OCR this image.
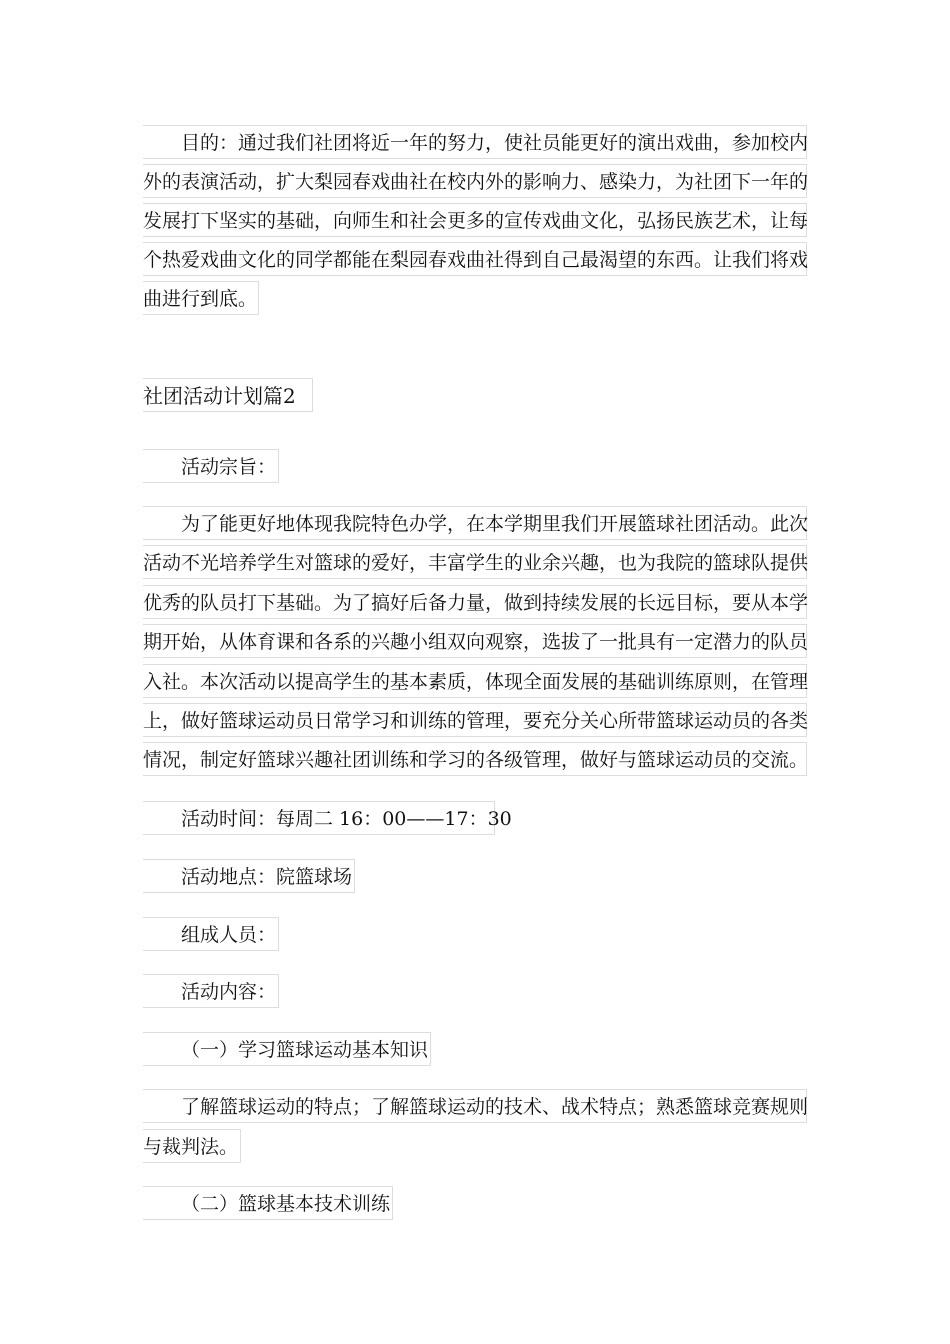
目的：通过我们社团将近一年的努力，使社员能更好的演出戏曲，参加校内
外的表演活动，扩大梨园春戏曲社在校内外的影响力、感染力，为社团下一年的
发展打下坚实的基础，向师生和社会更多的宣传戏曲文化，弘扬民族艺术，让每
个热爱戏曲文化的同学都能在梨园春戏曲社得到自己最渴望的东西。让我们将戏
曲进行到底。
社团活动计划篇2
活动宗旨：
为了能更好地体现我院特色办学，在本学期里我们开展篮球社团活动。此次
活动不光培养学生对篮球的爱好，丰富学生的业余兴趣，也为我院的篮球队提供
优秀的队员打下基础。为了搞好后备力量，做到持续发展的长远目标，要从本学
期开始，从体育课和各系的兴趣小组双向观察，选拔了一批具有一定潜力的队员
入社。本次活动以提高学生的基本素质，体现全面发展的基础训练原则，在管理
上，做好篮球运动员日常学习和训练的管理，要充分关心所带篮球运动员的各类
情况，制定好篮球兴趣社团训练和学习的各级管理，做好与篮球运动员的交流。
活动时间：每周二 16：00——17：30
活动地点：院篮球场
组成人员：
活动内容：
（一）学习篮球运动基本知识
了解篮球运动的特点；了解篮球运动的技术、战术特点；熟悉篮球竞赛规则
与裁判法。
（二）篮球基本技术训练
